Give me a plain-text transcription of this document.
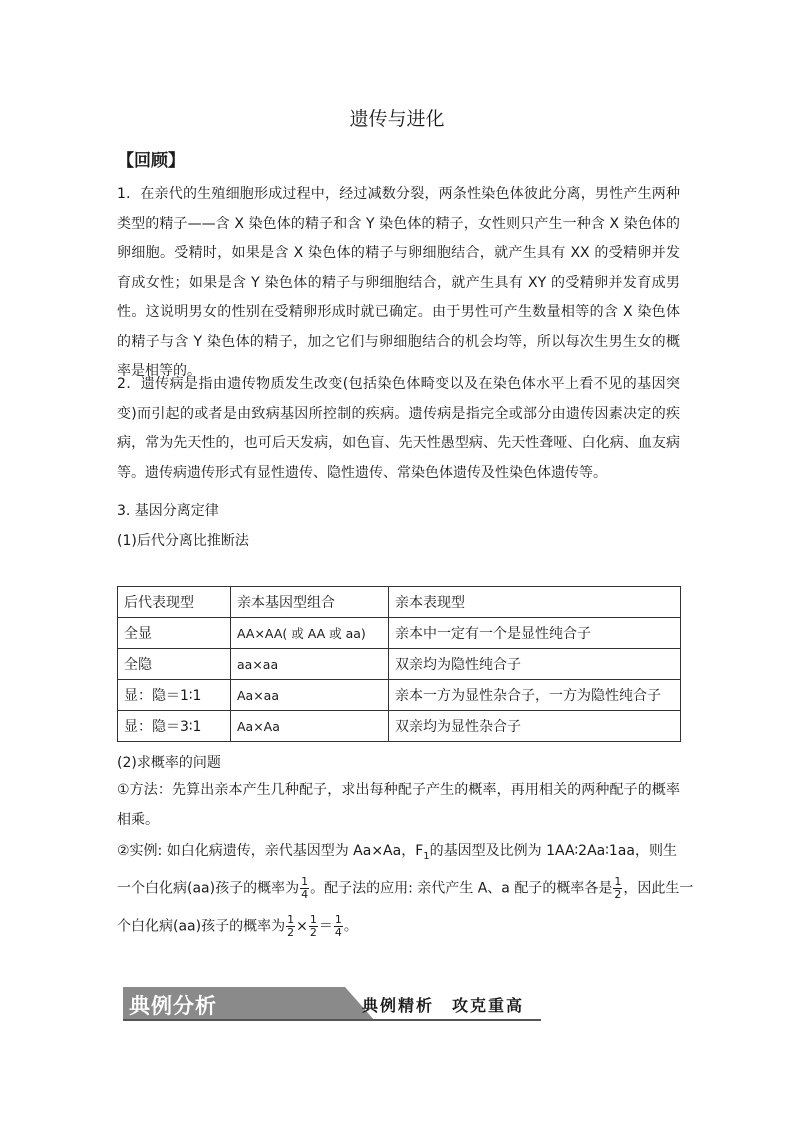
遗传与进化
【回顾】

1．在亲代的生殖细胞形成过程中，经过减数分裂，两条性染色体彼此分离，男性产生两种类型的精子——含 X 染色体的精子和含 Y 染色体的精子，女性则只产生一种含 X 染色体的卵细胞。受精时，如果是含 X 染色体的精子与卵细胞结合，就产生具有 XX 的受精卵并发育成女性；如果是含 Y 染色体的精子与卵细胞结合，就产生具有 XY 的受精卵并发育成男性。这说明男女的性别在受精卵形成时就已确定。由于男性可产生数量相等的含 X 染色体的精子与含 Y 染色体的精子，加之它们与卵细胞结合的机会均等，所以每次生男生女的概率是相等的。

2．遗传病是指由遗传物质发生改变(包括染色体畸变以及在染色体水平上看不见的基因突变)而引起的或者是由致病基因所控制的疾病。遗传病是指完全或部分由遗传因素决定的疾病，常为先天性的，也可后天发病，如色盲、先天性愚型病、先天性聋哑、白化病、血友病等。遗传病遗传形式有显性遗传、隐性遗传、常染色体遗传及性染色体遗传等。

3. 基因分离定律
(1)后代分离比推断法
后代表现型	亲本基因型组合	亲本表现型
全显	AA×AA( 或 AA 或 aa)	亲本中一定有一个是显性纯合子
全隐	aa×aa	双亲均为隐性纯合子
显：隐＝1∶1	Aa×aa	亲本一方为显性杂合子，一方为隐性纯合子
显：隐＝3∶1	Aa×Aa	双亲均为显性杂合子
(2)求概率的问题

①方法：先算出亲本产生几种配子，求出每种配子产生的概率，再用相关的两种配子的概率相乘。

②实例: 如白化病遗传，亲代基因型为 Aa×Aa，$F_1$的基因型及比例为 1AA∶2Aa∶1aa，则生
一个白化病(aa)孩子的概率为 $\frac{1}{4}$ 。配子法的应用: 亲代产生 A、a 配子的概率各是 $\frac{1}{2}$ ，因此生一
个白化病(aa)孩子的概率为 $\frac{1}{2} \times \frac{1}{2} = \frac{1}{4}$ 。
典例分析	典例精析　攻克重高
